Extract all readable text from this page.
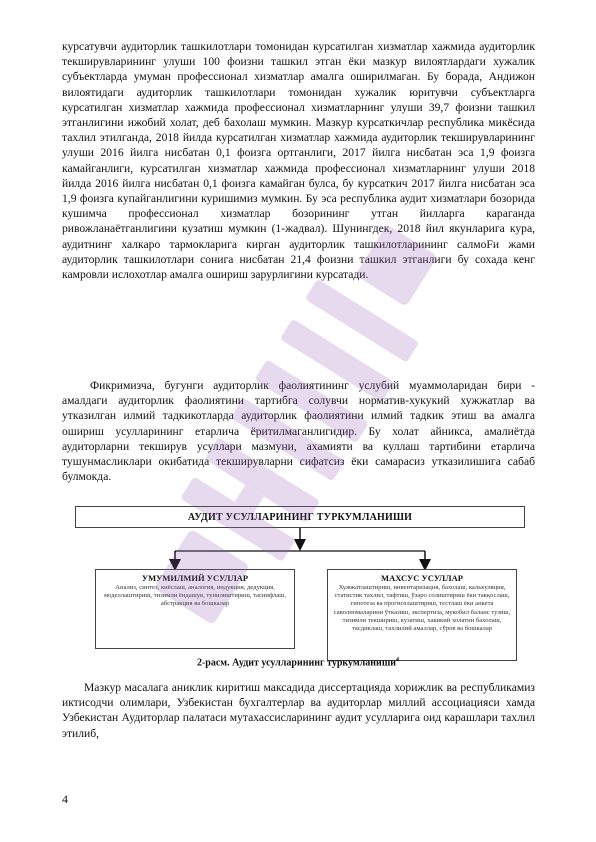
курсатувчи аудиторлик ташкилотлари томонидан курсатилган хизматлар хажмида аудиторлик текширувларининг улуши 100 фоизни ташкил этган ёки мазкур вилоятлардаги хужалик субъектларда умуман профессионал хизматлар амалга оширилмаган. Бу борада, Андижон вилоятидаги аудиторлик ташкилотлари томонидан хужалик юритувчи субъектларга курсатилган хизматлар хажмида профессионал хизматларнинг улуши 39,7 фоизни ташкил этганлигини ижобий холат, деб бахолаш мумкин. Мазкур курсаткичлар республика микёсида тахлил этилганда, 2018 йилда курсатилган хизматлар хажмида аудиторлик текширувларининг улуши 2016 йилга нисбатан 0,1 фоизга ортганлиги, 2017 йилга нисбатан эса 1,9 фоизга камайганлиги, курсатилган хизматлар хажмида профессионал хизматларнинг улуши 2018 йилда 2016 йилга нисбатан 0,1 фоизга камайган булса, бу курсаткич 2017 йилга нисбатан эса 1,9 фоизга купайганлигини куришимиз мумкин. Бу эса республика аудит хизматлари бозорида кушимча профессионал хизматлар бозорининг утган йилларга караганда ривожланаётганлигини кузатиш мумкин (1-жадвал). Шунингдек, 2018 йил якунларига кура, аудитнинг халкаро тармокларига кирган аудиторлик ташкилотларининг салмоFи жами аудиторлик ташкилотлари сонига нисбатан 21,4 фоизни ташкил этганлиги бу сохада кенг камровли ислохотлар амалга ошириш зарурлигини курсатади.

Фикримизча, бугунги аудиторлик фаолиятининг услубий муаммоларидан бири - амалдаги аудиторлик фаолиятини тартибга солувчи норматив-хукукий хужжатлар ва утказилган илмий тадкикотларда аудиторлик фаолиятини илмий тадкик этиш ва амалга ошириш усулларининг етарлича ёритилмаганлигидир. Бу холат айникса, амалиётда аудиторларни текширув усуллари мазмуни, ахамияти ва куллаш тартибини етарлича тушунмасликлари окибатида текширувларни сифатсиз ёки самарасиз утказилишига сабаб булмокда.

АУДИТ УСУЛЛАРИНИНГ ТУРКУМЛАНИШИ
УМУМИЛМИЙ УСУЛЛАР
Анализ, синтез, киёслаш, аналогия, индукция, дедукция, моделлаштириш, тизимли ёндашув, тунилиштириш, таснифлаш, абстракция ва бошкалар
МАХСУС УСУЛЛАР
Хужжатлаштириш, инвентаризация, бахолаш, калькуляция, статистик тахлил, тафтиш, ўзаро солиштириш ёки такқослаш, гипотеза ва прогнозлаштириш, тестлаш ёки анкета саволномаларини ўтказиш, экспертиза, мукобил баланс тузиш, тизимли текшириш, кузатиш, хакикий холатни бахолаш, тасдиклаш, тахлилий амаллар, сўров ва бошкалар
2-расм. Аудит усулларининг туркумланиши$^4$

Мазкур масалага аниклик киритиш максадида диссертацияда хорижлик ва республикамиз иктисодчи олимлари, Узбекистан бухгалтерлар ва аудиторлар миллий ассоциацияси хамда Узбекистан Аудиторлар палатаси мутахассисларининг аудит усулларига оид карашлари тахлил этилиб,

4
